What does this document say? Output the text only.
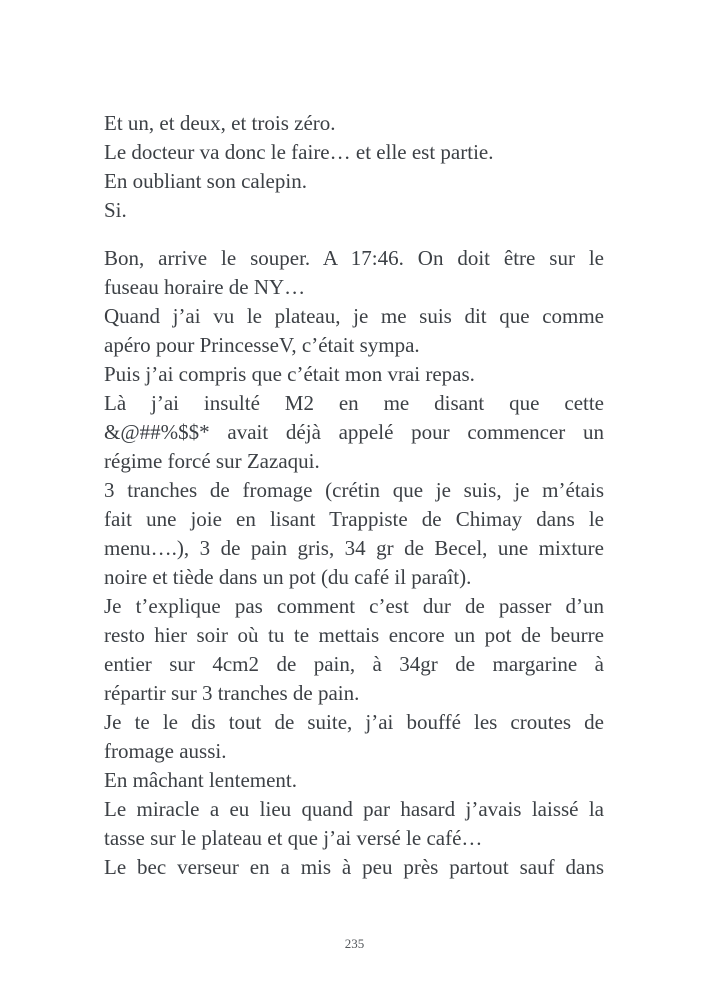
Et un, et deux, et trois zéro.

Le docteur va donc le faire… et elle est partie.

En oubliant son calepin.

Si.

Bon, arrive le souper. A 17:46. On doit être sur le
fuseau horaire de NY…

Quand j’ai vu le plateau, je me suis dit que comme
apéro pour PrincesseV, c’était sympa.

Puis j’ai compris que c’était mon vrai repas.

Là j’ai insulté M2 en me disant que cette
&@##%$$* avait déjà appelé pour commencer un
régime forcé sur Zazaqui.

3 tranches de fromage (crétin que je suis, je m’étais
fait une joie en lisant Trappiste de Chimay dans le
menu….), 3 de pain gris, 34 gr de Becel, une mixture
noire et tiède dans un pot (du café il paraît).

Je t’explique pas comment c’est dur de passer d’un
resto hier soir où tu te mettais encore un pot de beurre
entier sur 4cm2 de pain, à 34gr de margarine à
répartir sur 3 tranches de pain.

Je te le dis tout de suite, j’ai bouffé les croutes de
fromage aussi.

En mâchant lentement.

Le miracle a eu lieu quand par hasard j’avais laissé la
tasse sur le plateau et que j’ai versé le café…

Le bec verseur en a mis à peu près partout sauf dans

235
